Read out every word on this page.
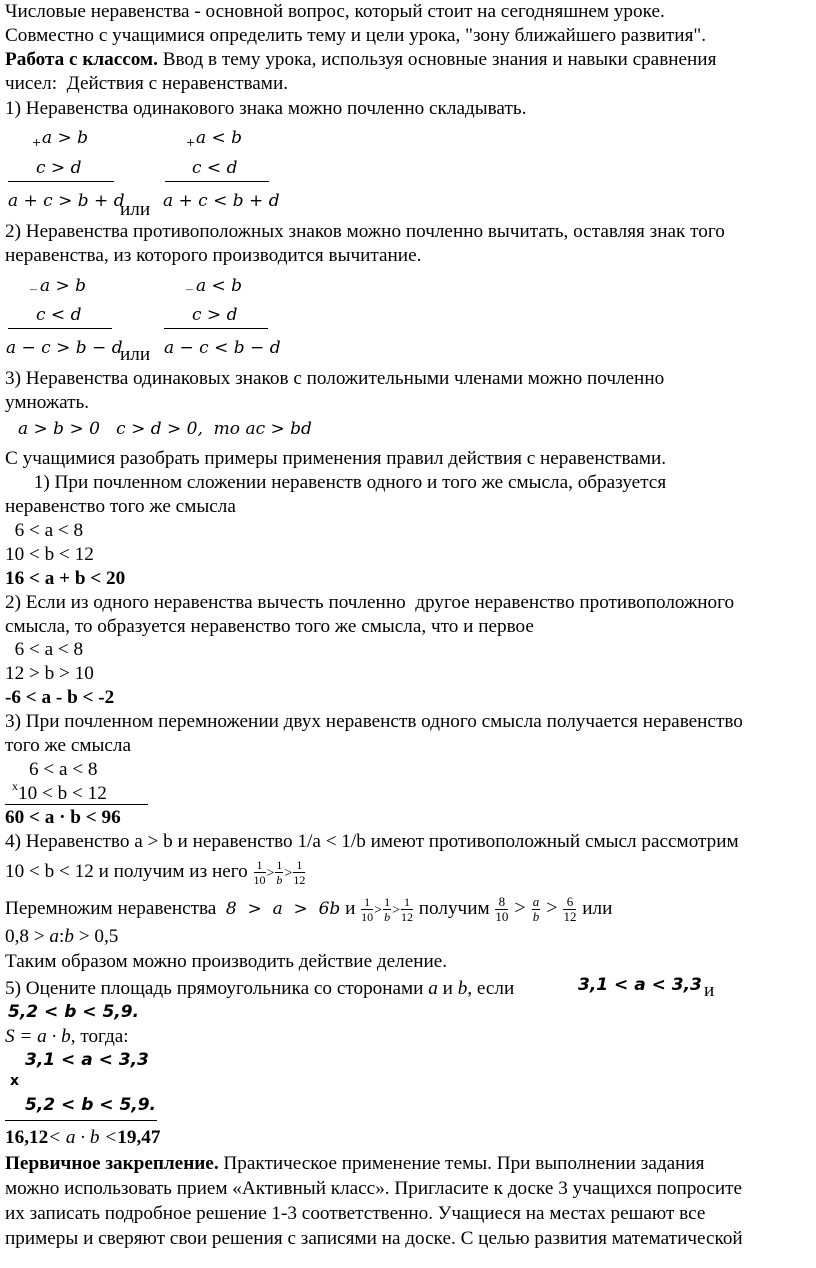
Числовые неравенства - основной вопрос, который стоит на сегодняшнем уроке.
Совместно с учащимися определить тему и цели урока, "зону ближайшего развития".
Работа с классом. Ввод в тему урока, используя основные знания и навыки сравнения
чисел:  Действия с неравенствами.
1) Неравенства одинакового знака можно почленно складывать.
+ a > b
c > d
a + c > b + d
или
+ a < b
c < d
a + c < b + d
2) Неравенства противоположных знаков можно почленно вычитать, оставляя знак того
неравенства, из которого производится вычитание.
_ a > b
c < d
a − c > b − d
или
_ a < b
c > d
a − c < b − d
3) Неравенства одинаковых знаков с положительными членами можно почленно
умножать.
a > b > 0   c > d > 0,  то ac > bd
С учащимися разобрать примеры применения правил действия с неравенствами.
1) При почленном сложении неравенств одного и того же смысла, образуется
неравенство того же смысла
6 < a < 8
10 < b < 12
16 < a + b < 20
2) Если из одного неравенства вычесть почленно  другое неравенство противоположного
смысла, то образуется неравенство того же смысла, что и первое
6 < a < 8
12 > b > 10
-6 < a - b < -2
3) При почленном перемножении двух неравенств одного смысла получается неравенство
того же смысла
6 < a < 8
x 10 < b < 12
60 < a · b < 96
4) Неравенство a > b и неравенство 1/a < 1/b имеют противоположный смысл рассмотрим
10 < b < 12 и получим из него $\frac{1}{10} > \frac{1}{b} > \frac{1}{12}$
Перемножим неравенства  8  >  a  >  6b и $\frac{1}{10} > \frac{1}{b} > \frac{1}{12}$ получим $\frac{8}{10} > \frac{a}{b} > \frac{6}{12}$ или
0,8 > a:b > 0,5
Таким образом можно производить действие деление.
5) Оцените площадь прямоугольника со сторонами a и b, если	3,1 < a < 3,3 и
5,2 < b < 5,9.
S = a · b, тогда:
3,1 < a < 3,3
x
5,2 < b < 5,9.
16,12< a · b <19,47
Первичное закрепление. Практическое применение темы. При выполнении задания
можно использовать прием «Активный класс». Пригласите к доске 3 учащихся попросите
их записать подробное решение 1-3 соответственно. Учащиеся на местах решают все
примеры и сверяют свои решения с записями на доске. С целью развития математической
